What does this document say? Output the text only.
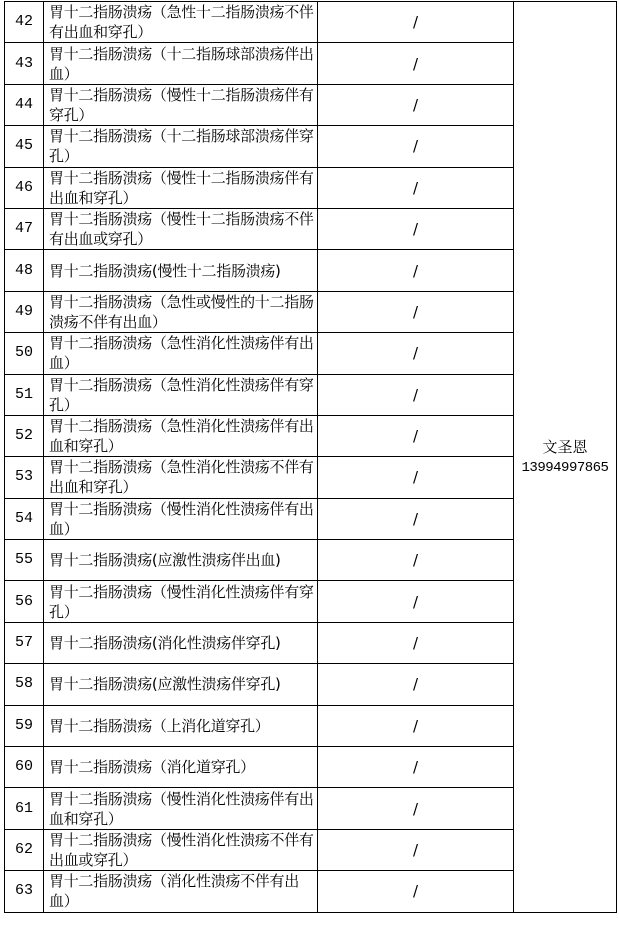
42	胃十二指肠溃疡（急性十二指肠溃疡不伴有出血和穿孔）	/	文圣恩
13994997865

43	胃十二指肠溃疡（十二指肠球部溃疡伴出血）	/	
44	胃十二指肠溃疡（慢性十二指肠溃疡伴有穿孔）	/	
45	胃十二指肠溃疡（十二指肠球部溃疡伴穿孔）	/	
46	胃十二指肠溃疡（慢性十二指肠溃疡伴有出血和穿孔）	/	
47	胃十二指肠溃疡（慢性十二指肠溃疡不伴有出血或穿孔）	/	
48	胃十二指肠溃疡(慢性十二指肠溃疡)	/	
49	胃十二指肠溃疡（急性或慢性的十二指肠溃疡不伴有出血）	/	
50	胃十二指肠溃疡（急性消化性溃疡伴有出血）	/	
51	胃十二指肠溃疡（急性消化性溃疡伴有穿孔）	/	
52	胃十二指肠溃疡（急性消化性溃疡伴有出血和穿孔）	/	
53	胃十二指肠溃疡（急性消化性溃疡不伴有出血和穿孔）	/	
54	胃十二指肠溃疡（慢性消化性溃疡伴有出血）	/	
55	胃十二指肠溃疡(应激性溃疡伴出血)	/	
56	胃十二指肠溃疡（慢性消化性溃疡伴有穿孔）	/	
57	胃十二指肠溃疡(消化性溃疡伴穿孔)	/	
58	胃十二指肠溃疡(应激性溃疡伴穿孔)	/	
59	胃十二指肠溃疡（上消化道穿孔）	/	
60	胃十二指肠溃疡（消化道穿孔）	/	
61	胃十二指肠溃疡（慢性消化性溃疡伴有出血和穿孔）	/	
62	胃十二指肠溃疡（慢性消化性溃疡不伴有出血或穿孔）	/	
63	胃十二指肠溃疡（消化性溃疡不伴有出血）	/	
